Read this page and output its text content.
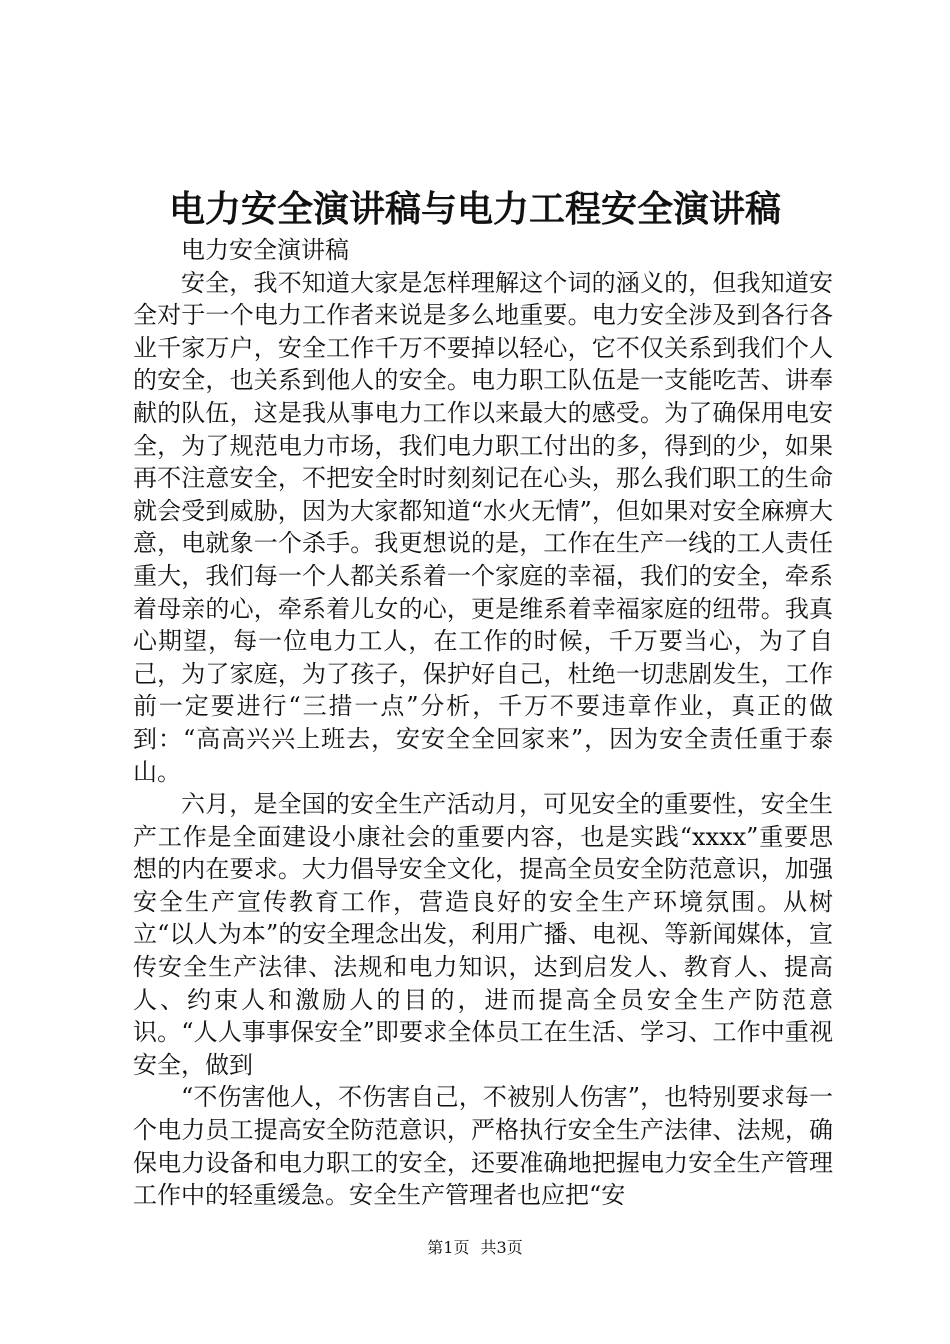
电力安全演讲稿与电力工程安全演讲稿

电力安全演讲稿

安全，我不知道大家是怎样理解这个词的涵义的，但我知道安全对于一个电力工作者来说是多么地重要。电力安全涉及到各行各业千家万户，安全工作千万不要掉以轻心，它不仅关系到我们个人的安全，也关系到他人的安全。电力职工队伍是一支能吃苦、讲奉献的队伍，这是我从事电力工作以来最大的感受。为了确保用电安全，为了规范电力市场，我们电力职工付出的多，得到的少，如果再不注意安全，不把安全时时刻刻记在心头，那么我们职工的生命就会受到威胁，因为大家都知道“水火无情”，但如果对安全麻痹大意，电就象一个杀手。我更想说的是，工作在生产一线的工人责任重大，我们每一个人都关系着一个家庭的幸福，我们的安全，牵系着母亲的心，牵系着儿女的心，更是维系着幸福家庭的纽带。我真心期望，每一位电力工人，在工作的时候，千万要当心，为了自己，为了家庭，为了孩子，保护好自己，杜绝一切悲剧发生，工作前一定要进行“三措一点”分析，千万不要违章作业，真正的做到：“高高兴兴上班去，安安全全回家来”，因为安全责任重于泰山。

六月，是全国的安全生产活动月，可见安全的重要性，安全生产工作是全面建设小康社会的重要内容，也是实践“xxxx”重要思想的内在要求。大力倡导安全文化，提高全员安全防范意识，加强安全生产宣传教育工作，营造良好的安全生产环境氛围。从树立“以人为本”的安全理念出发，利用广播、电视、等新闻媒体，宣传安全生产法律、法规和电力知识，达到启发人、教育人、提高人、约束人和激励人的目的，进而提高全员安全生产防范意识。“人人事事保安全”即要求全体员工在生活、学习、工作中重视安全，做到

“不伤害他人，不伤害自己，不被别人伤害”，也特别要求每一个电力员工提高安全防范意识，严格执行安全生产法律、法规，确保电力设备和电力职工的安全，还要准确地把握电力安全生产管理工作中的轻重缓急。安全生产管理者也应把“安

第1页 共3页
